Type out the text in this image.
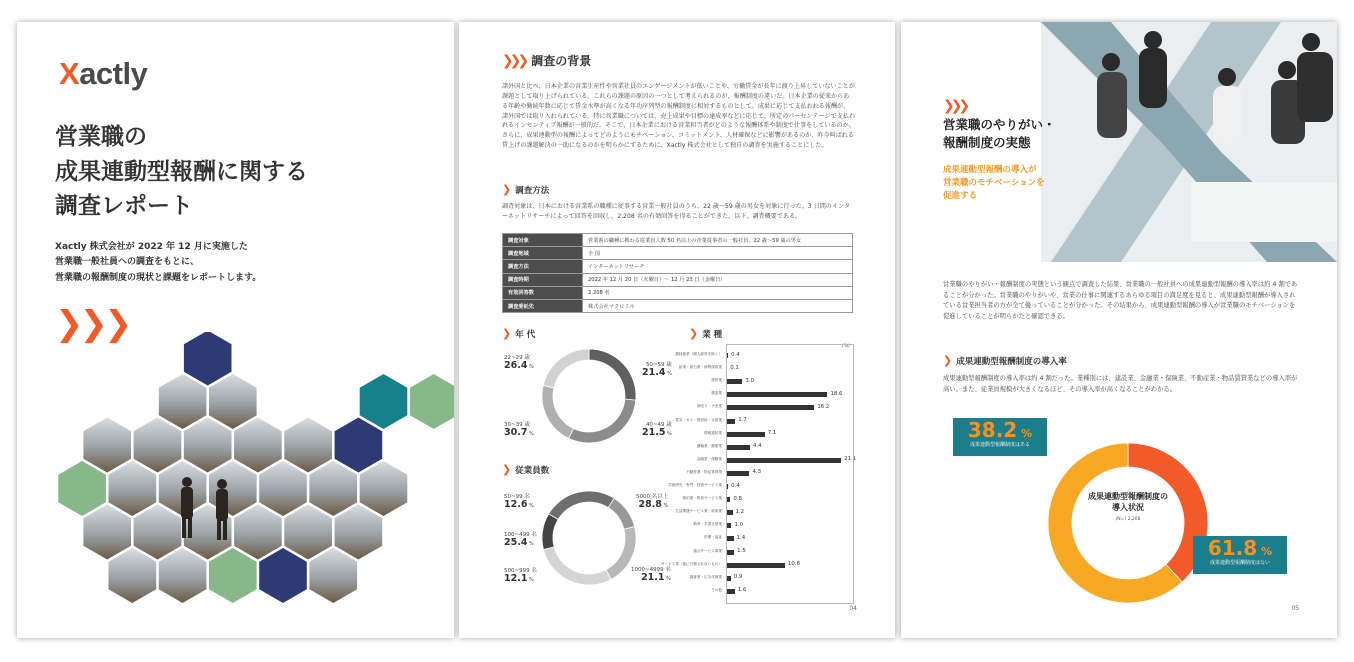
Xactly
営業職の
成果連動型報酬に関する
調査レポート
Xactly 株式会社が 2022 年 12 月に実施した
営業職一般社員への調査をもとに、
営業職の報酬制度の現状と課題をレポートします。
❯❯❯
❯❯❯ 調査の背景
諸外国と比べ、日本企業の営業生産性や営業社員のエンゲージメントが低いことや、労働賃金が長年に渡り上昇していないことが課題として取り上げられている。これらの課題の原因の一つとして考えられるのが、報酬制度の違いだ。日本企業の従来からある年齢や勤続年数に応じて賃金水準が高くなる年功序列型の報酬制度に相対するものとして、成果に応じて支払われる報酬が、諸外国では取り入れられている。特に営業職については、売上成果や目標の達成率などに応じて、所定のパーセンテージで支払われるインセンティブ報酬が一般的だ。そこで、日本企業における営業担当者がどのような報酬体系や制度で仕事をしているのか、さらに、成果連動型の報酬によってどのようにモチベーション、コミットメント、人材確保などに影響があるのか、昨今叫ばれる賃上げの課題解決の一助になるのかを明らかにするために、Xactly 株式会社として独自の調査を実施することにした。
❯ 調査方法
調査対象は、日本における営業系の職種に従事する営業一般社員のうち、22 歳～59 歳の男女を対象に行った。3 日間のインターネットリサーチによって回答を回収し、2,208 名の有効回答を得ることができた。以下、調査概要である。
調査対象	営業系の職種に携わる従業員人数 50 名以上の企業従事者の一般社員、22 歳～59 歳の男女
調査地域	全 国
調査方法	インターネットリサーチ
調査時期	2022 年 12 月 20 日（火曜日）～ 12 月 23 日（金曜日）
有効回答数	2,208 名
調査委託先	株式会社マクロミル
❯ 年 代
❯ 従業員数
❯ 業 種
(%)
22~29 歳
26.4 %
30~39 歳
30.7 %
40~49 歳
21.5 %
50~59 歳
21.4 %
50~99 名
12.6 %
100~499 名
25.4 %
500~999 名
12.1 %
1000~4999 名
21.1 %
5000 名以上
28.8 %
農林漁業（個人経営を除く） 0.4
鉱業・採石業・砂利採取業 0.1
建設業	3.0
製造業	18.6
卸売り・小売業	16.2
電気・ガス・熱供給・水道業	1.7
情報通信業	7.1
運輸業・郵便業	4.4
金融業・保険業	21.1
不動産業・物品賃貸業	4.3
学術研究・専門・技術サービス業 0.4
宿泊業・飲食サービス業 0.8
生活関連サービス業・娯楽業	1.2
教育・学習支援業 1.0
医療・福祉	1.4
複合サービス事業	1.5
サービス業（他に分類されないもの）	10.8
調査業・広告代理業 0.9
その他	1.6
04
❯❯❯
営業職のやりがい・
報酬制度の実態
成果連動型報酬の導入が
営業職のモチベーションを
促進する
営業職のやりがい・報酬制度の実態という観点で調査した結果、営業職の一般社員への成果連動型報酬の導入率は約 4 割であることが分かった。営業職のやりがいや、営業の仕事に関連するあらゆる項目の満足度を見ると、成果連動型報酬が導入されている営業担当者の方が全て優っていることが分かった。その結果から、成果連動型報酬の導入が営業職のモチベーションを促進していることが明らかだと確認できる。
❯ 成果連動型報酬制度の導入率
成果連動型報酬制度の導入率は約 4 割だった。業種別には、建設業、金融業・保険業、不動産業・物品賃貸業などの導入率が高い。また、従業員規模が大きくなるほど、その導入率が高くなることがわかる。
成果連動型報酬制度の
導入状況
(N=) 2,208
38.2 %
成果連動型報酬制度はある
61.8 %
成果連動型報酬制度はない
05
